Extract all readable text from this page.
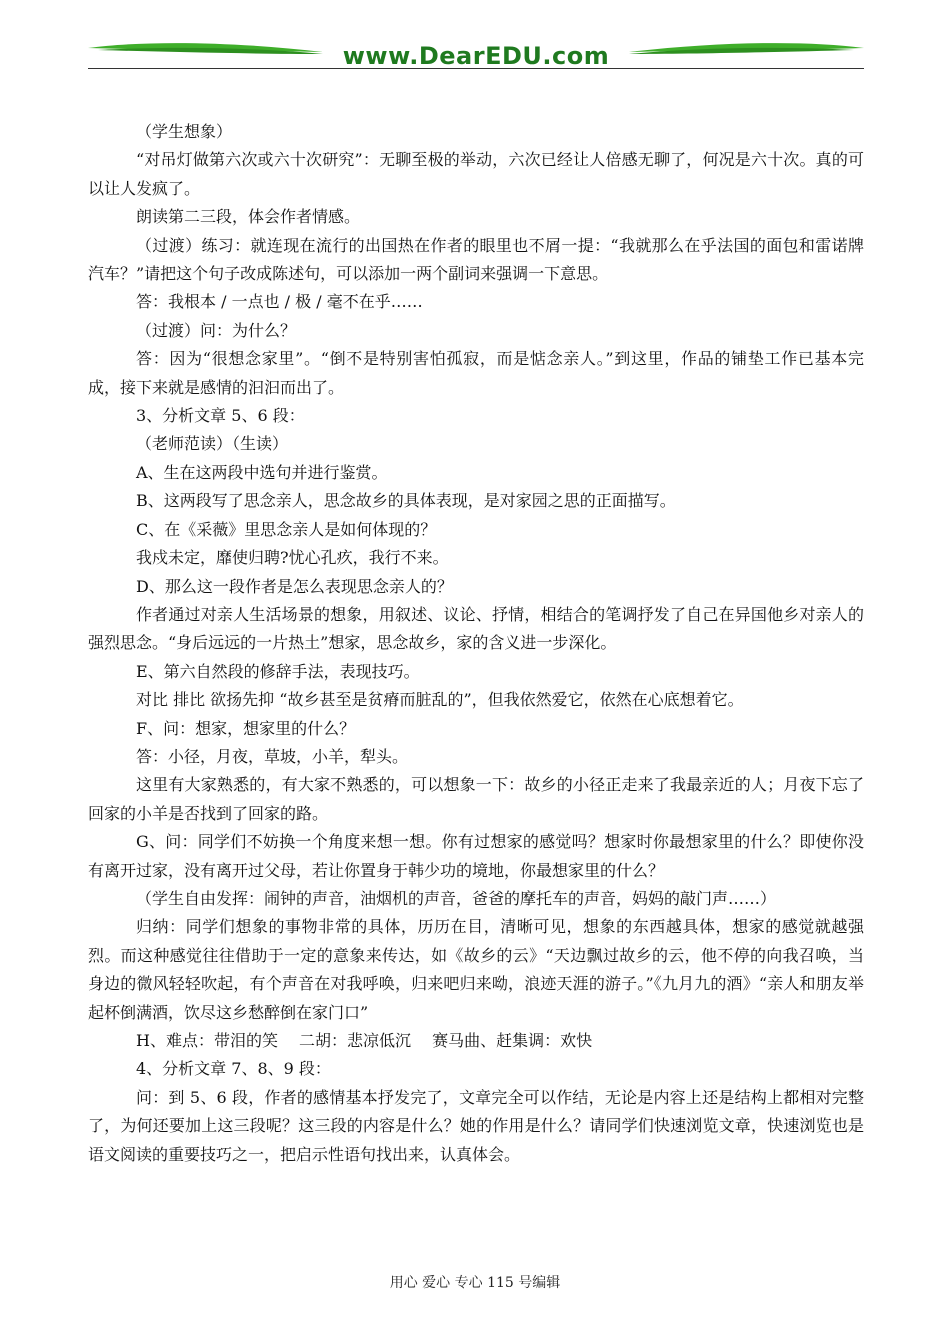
www.DearEDU.com

（学生想象）

“对吊灯做第六次或六十次研究”：无聊至极的举动，六次已经让人倍感无聊了，何况是六十次。真的可以让人发疯了。

朗读第二三段，体会作者情感。

（过渡）练习：就连现在流行的出国热在作者的眼里也不屑一提：“我就那么在乎法国的面包和雷诺牌汽车？”请把这个句子改成陈述句，可以添加一两个副词来强调一下意思。

答：我根本 / 一点也 / 极 / 毫不在乎……

（过渡）问：为什么？

答：因为“很想念家里”。“倒不是特别害怕孤寂，而是惦念亲人。”到这里，作品的铺垫工作已基本完成，接下来就是感情的汩汩而出了。

3、分析文章 5、6 段：

（老师范读）（生读）

A、生在这两段中选句并进行鉴赏。

B、这两段写了思念亲人，思念故乡的具体表现，是对家园之思的正面描写。

C、在《采薇》里思念亲人是如何体现的？

我戍未定，靡使归聘?忧心孔疚，我行不来。

D、那么这一段作者是怎么表现思念亲人的？

作者通过对亲人生活场景的想象，用叙述、议论、抒情，相结合的笔调抒发了自己在异国他乡对亲人的强烈思念。“身后远远的一片热土”想家，思念故乡，家的含义进一步深化。

E、第六自然段的修辞手法，表现技巧。

对比 排比 欲扬先抑 “故乡甚至是贫瘠而脏乱的”，但我依然爱它，依然在心底想着它。

F、问：想家，想家里的什么？

答：小径，月夜，草坡，小羊，犁头。

这里有大家熟悉的，有大家不熟悉的，可以想象一下：故乡的小径正走来了我最亲近的人；月夜下忘了回家的小羊是否找到了回家的路。

G、问：同学们不妨换一个角度来想一想。你有过想家的感觉吗？想家时你最想家里的什么？即使你没有离开过家，没有离开过父母，若让你置身于韩少功的境地，你最想家里的什么？

（学生自由发挥：闹钟的声音，油烟机的声音，爸爸的摩托车的声音，妈妈的敲门声……）

归纳：同学们想象的事物非常的具体，历历在目，清晰可见，想象的东西越具体，想家的感觉就越强烈。而这种感觉往往借助于一定的意象来传达，如《故乡的云》“天边飘过故乡的云，他不停的向我召唤，当身边的微风轻轻吹起，有个声音在对我呼唤，归来吧归来呦，浪迹天涯的游子。”《九月九的酒》“亲人和朋友举起杯倒满酒，饮尽这乡愁醉倒在家门口”

H、难点：带泪的笑　 二胡：悲凉低沉　 赛马曲、赶集调：欢快

4、分析文章 7、8、9 段：

问：到 5、6 段，作者的感情基本抒发完了，文章完全可以作结，无论是内容上还是结构上都相对完整了，为何还要加上这三段呢？这三段的内容是什么？她的作用是什么？请同学们快速浏览文章，快速浏览也是语文阅读的重要技巧之一，把启示性语句找出来，认真体会。

用心 爱心 专心 115 号编辑
